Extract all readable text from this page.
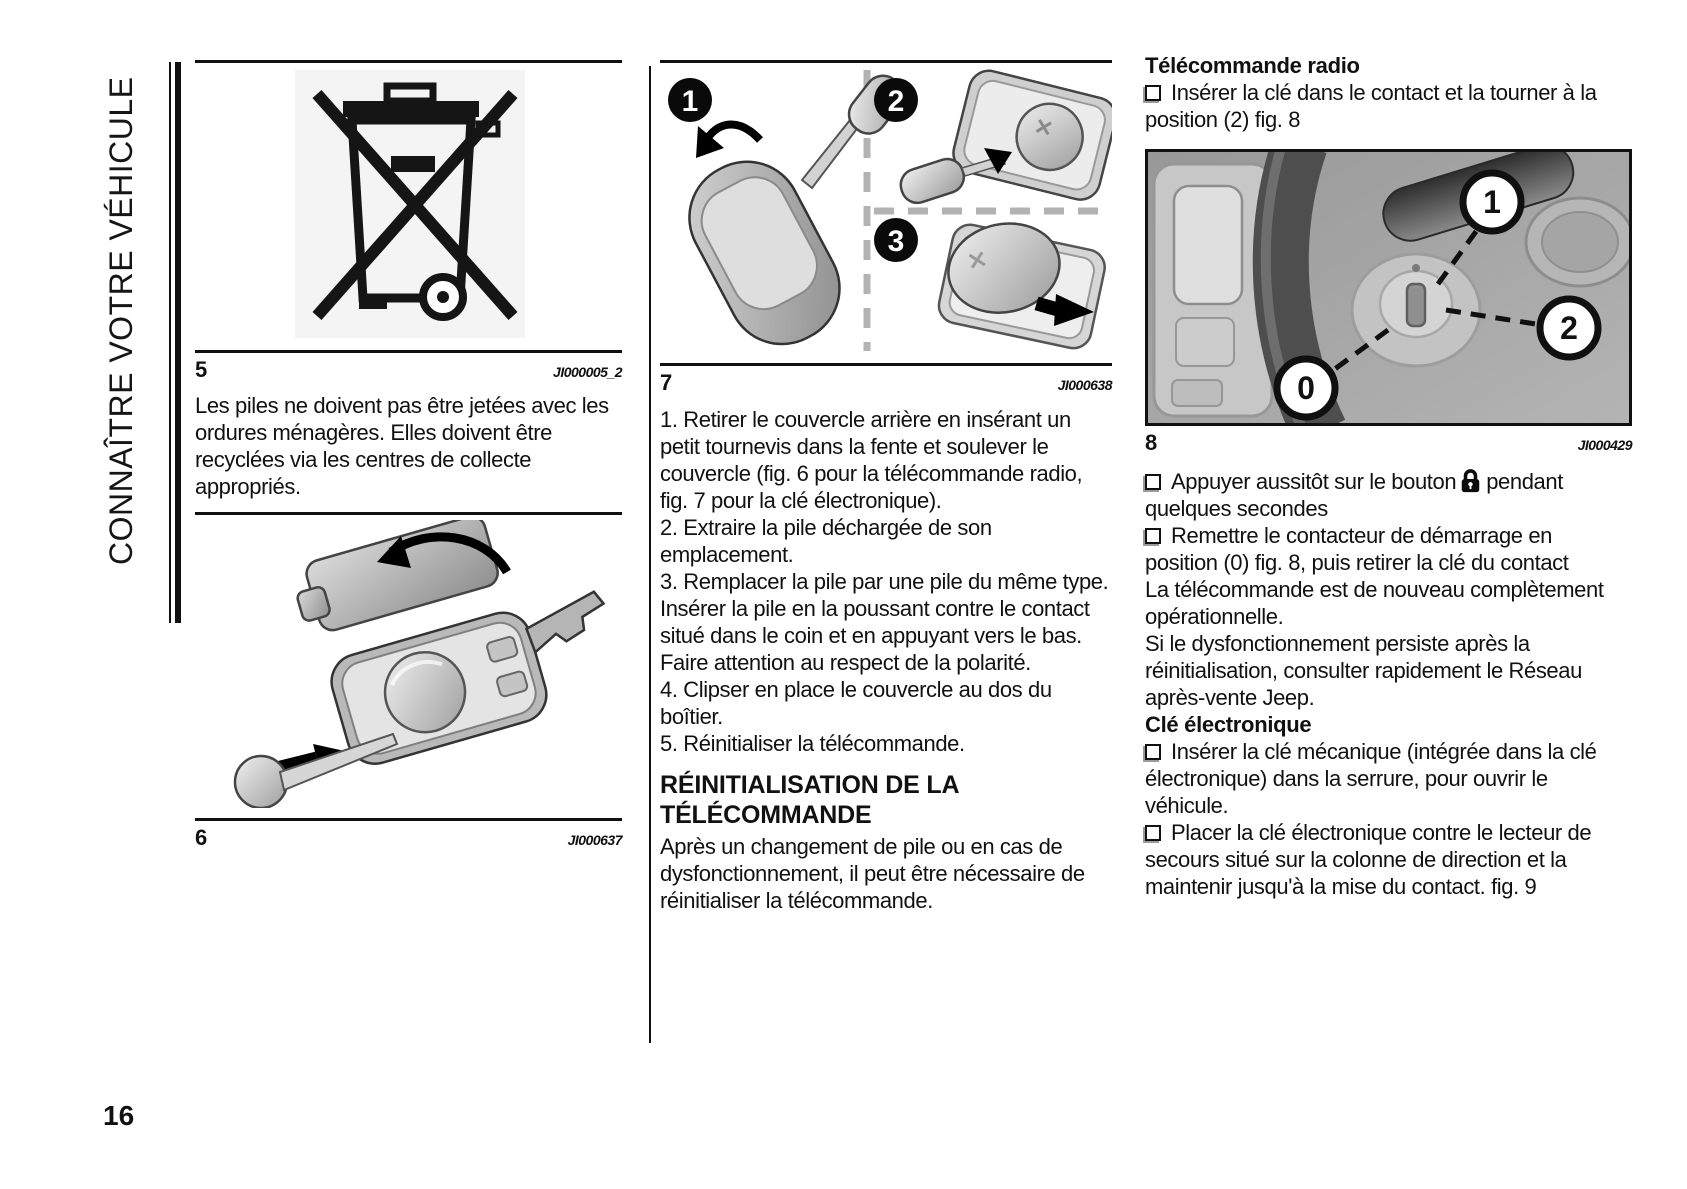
CONNAÎTRE VOTRE VÉHICULE	5	JI000005_2

Les piles ne doivent pas être jetées avec les ordures ménagères. Elles doivent être recyclées via les centres de collecte appropriés.

6	JI000637
1	2
3
7	JI000638

1. Retirer le couvercle arrière en insérant un petit tournevis dans la fente et soulever le couvercle (fig. 6 pour la télécommande radio, fig. 7 pour la clé électronique).

2. Extraire la pile déchargée de son emplacement.

3. Remplacer la pile par une pile du même type. Insérer la pile en la poussant contre le contact situé dans le coin et en appuyant vers le bas. Faire attention au respect de la polarité.

4. Clipser en place le couvercle au dos du boîtier.

5. Réinitialiser la télécommande.

RÉINITIALISATION DE LA TÉLÉCOMMANDE

Après un changement de pile ou en cas de dysfonctionnement, il peut être nécessaire de réinitialiser la télécommande.

Télécommande radio

Insérer la clé dans le contact et la tourner à la position (2) fig. 8

1
2
0
8	JI000429

Appuyer aussitôt sur le bouton pendant quelques secondes

Remettre le contacteur de démarrage en position (0) fig. 8, puis retirer la clé du contact

La télécommande est de nouveau complètement opérationnelle.

Si le dysfonctionnement persiste après la réinitialisation, consulter rapidement le Réseau après-vente Jeep.

Clé électronique

Insérer la clé mécanique (intégrée dans la clé électronique) dans la serrure, pour ouvrir le véhicule.

Placer la clé électronique contre le lecteur de secours situé sur la colonne de direction et la maintenir jusqu'à la mise du contact. fig. 9

16
